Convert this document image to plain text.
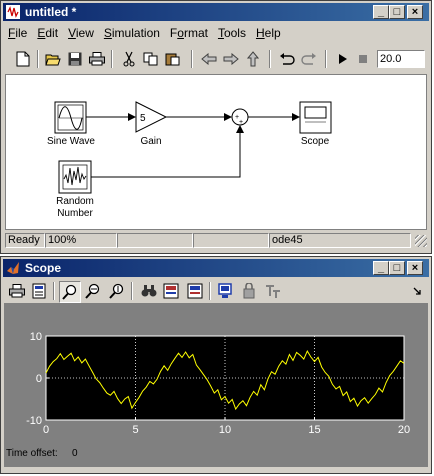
untitled *	_ □	×
File Edit View Simulation Format Tools Help
20.0
5	+
+
Sine Wave	Gain	Scope
Random
Number
Ready 100%	ode45
Scope	_ □	×
0	5	10	15	20
-10
0
10
Time offset: 0
